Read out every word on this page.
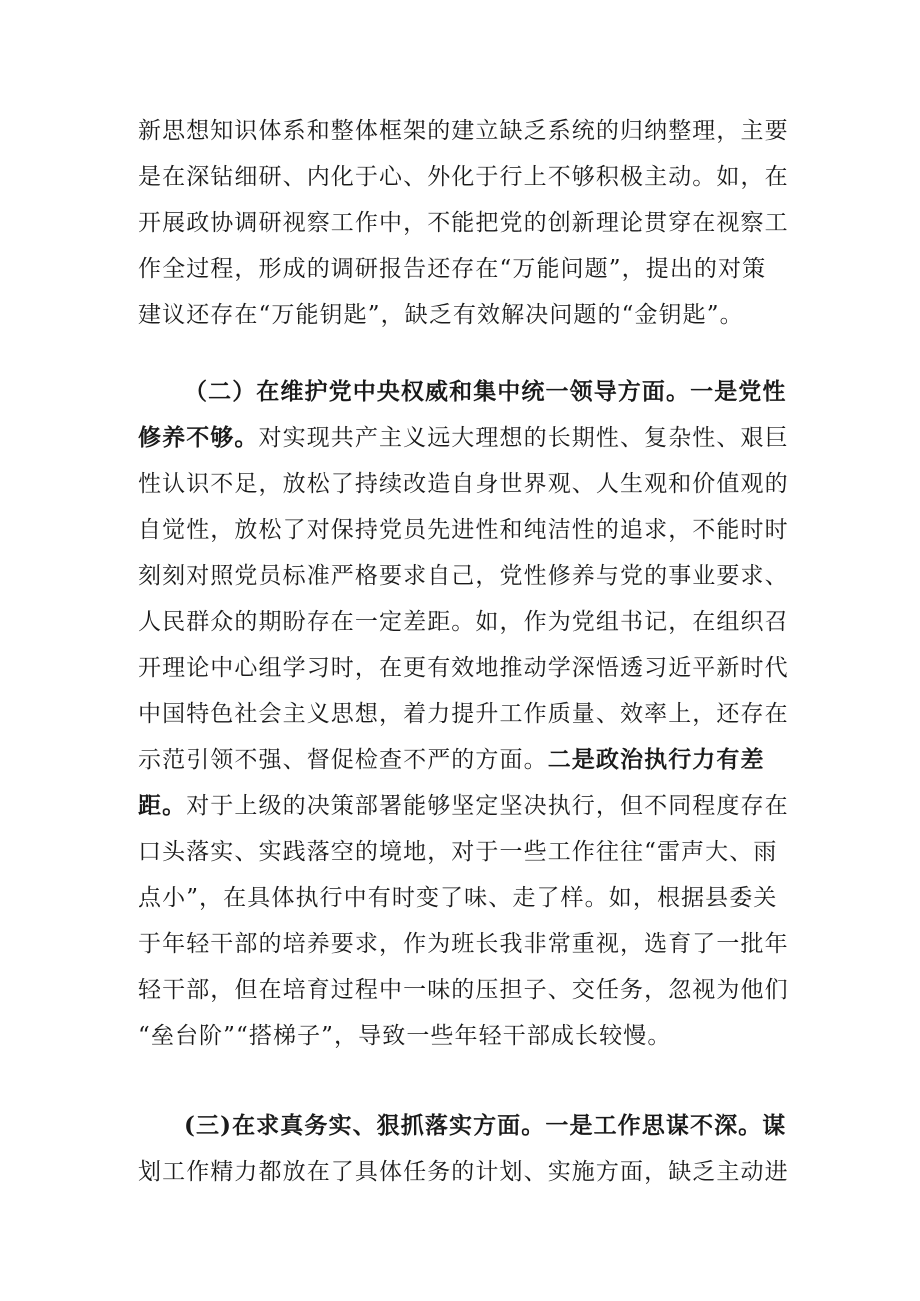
新思想知识体系和整体框架的建立缺乏系统的归纳整理，主要
是在深钻细研、内化于心、外化于行上不够积极主动。如，在
开展政协调研视察工作中，不能把党的创新理论贯穿在视察工
作全过程，形成的调研报告还存在“万能问题”，提出的对策
建议还存在“万能钥匙”，缺乏有效解决问题的“金钥匙”。
（二）在维护党中央权威和集中统一领导方面。一是党性
修养不够。对实现共产主义远大理想的长期性、复杂性、艰巨
性认识不足，放松了持续改造自身世界观、人生观和价值观的
自觉性，放松了对保持党员先进性和纯洁性的追求，不能时时
刻刻对照党员标准严格要求自己，党性修养与党的事业要求、
人民群众的期盼存在一定差距。如，作为党组书记，在组织召
开理论中心组学习时，在更有效地推动学深悟透习近平新时代
中国特色社会主义思想，着力提升工作质量、效率上，还存在
示范引领不强、督促检查不严的方面。二是政治执行力有差
距。对于上级的决策部署能够坚定坚决执行，但不同程度存在
口头落实、实践落空的境地，对于一些工作往往“雷声大、雨
点小”，在具体执行中有时变了味、走了样。如，根据县委关
于年轻干部的培养要求，作为班长我非常重视，选育了一批年
轻干部，但在培育过程中一味的压担子、交任务，忽视为他们
“垒台阶”“搭梯子”，导致一些年轻干部成长较慢。
(三)在求真务实、狠抓落实方面。一是工作思谋不深。谋
划工作精力都放在了具体任务的计划、实施方面，缺乏主动进
